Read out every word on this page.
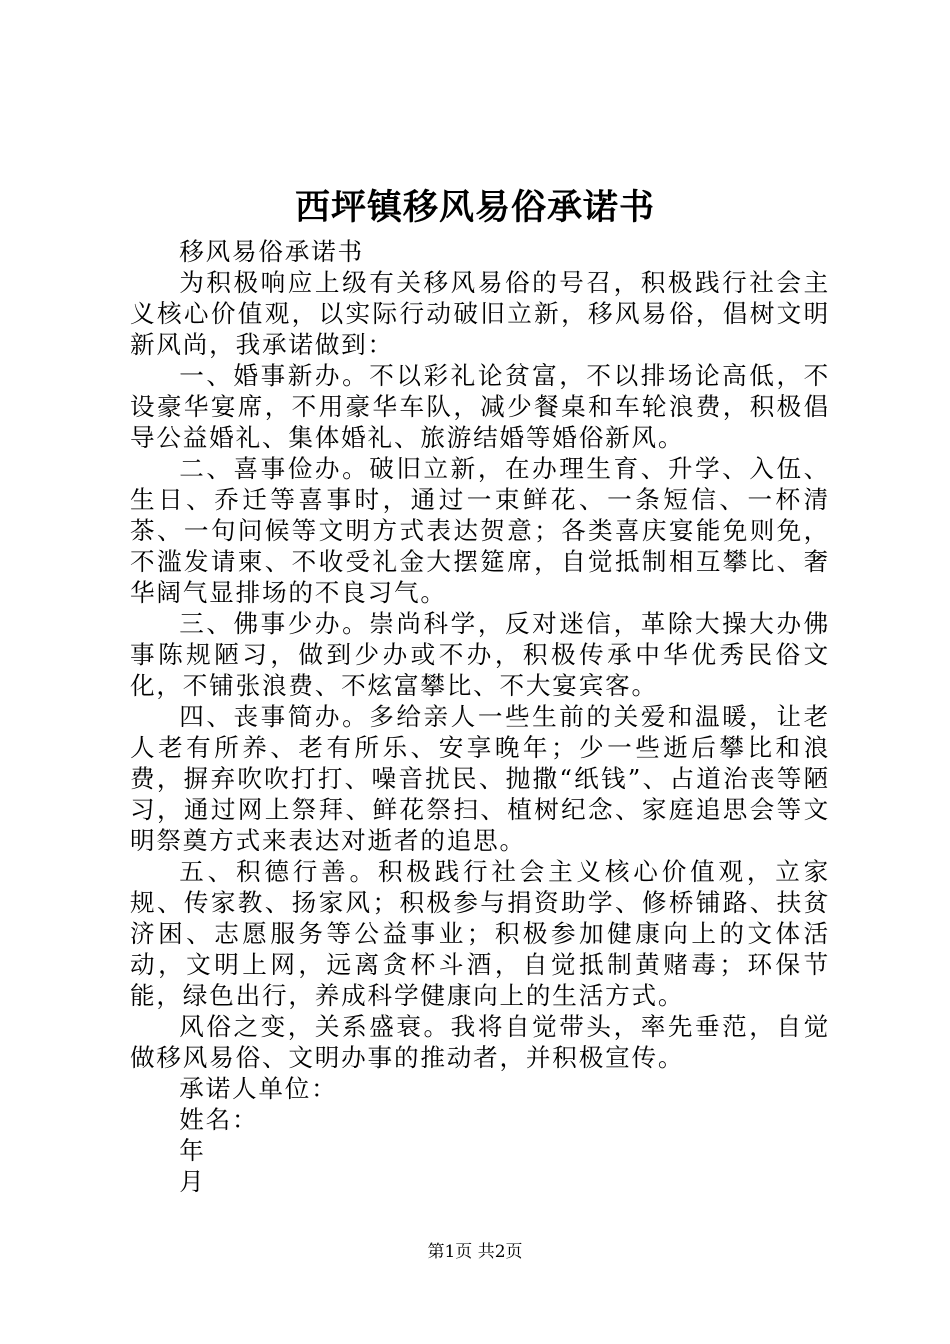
西坪镇移风易俗承诺书

移风易俗承诺书

为积极响应上级有关移风易俗的号召，积极践行社会主义核心价值观，以实际行动破旧立新，移风易俗，倡树文明新风尚，我承诺做到：

一、婚事新办。不以彩礼论贫富，不以排场论高低，不设豪华宴席，不用豪华车队，减少餐桌和车轮浪费，积极倡导公益婚礼、集体婚礼、旅游结婚等婚俗新风。

二、喜事俭办。破旧立新，在办理生育、升学、入伍、生日、乔迁等喜事时，通过一束鲜花、一条短信、一杯清茶、一句问候等文明方式表达贺意；各类喜庆宴能免则免，不滥发请柬、不收受礼金大摆筵席，自觉抵制相互攀比、奢华阔气显排场的不良习气。

三、佛事少办。崇尚科学，反对迷信，革除大操大办佛事陈规陋习，做到少办或不办，积极传承中华优秀民俗文化，不铺张浪费、不炫富攀比、不大宴宾客。

四、丧事简办。多给亲人一些生前的关爱和温暖，让老人老有所养、老有所乐、安享晚年；少一些逝后攀比和浪费，摒弃吹吹打打、噪音扰民、抛撒“纸钱”、占道治丧等陋习，通过网上祭拜、鲜花祭扫、植树纪念、家庭追思会等文明祭奠方式来表达对逝者的追思。

五、积德行善。积极践行社会主义核心价值观，立家规、传家教、扬家风；积极参与捐资助学、修桥铺路、扶贫济困、志愿服务等公益事业；积极参加健康向上的文体活动，文明上网，远离贪杯斗酒，自觉抵制黄赌毒；环保节能，绿色出行，养成科学健康向上的生活方式。

风俗之变，关系盛衰。我将自觉带头，率先垂范，自觉做移风易俗、文明办事的推动者，并积极宣传。

承诺人单位：

姓名：

年

月

第1页 共2页
